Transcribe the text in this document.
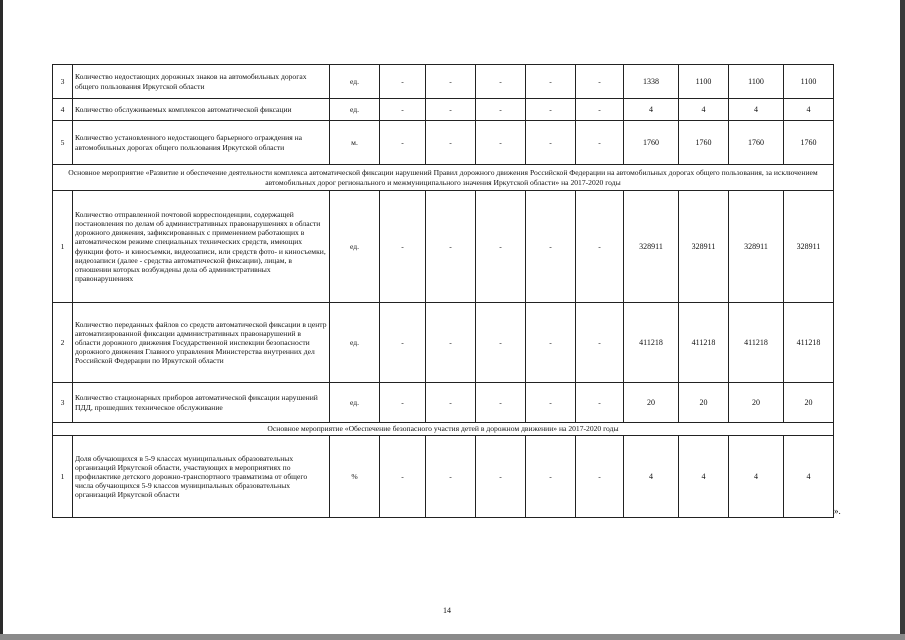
3	Количество недостающих дорожных знаков на автомобильных дорогах общего пользования Иркутской области	ед.	-	-	-	-	-	1338	1100	1100	1100
4	Количество обслуживаемых комплексов автоматической фиксации	ед.	-	-	-	-	-	4	4	4	4
5	Количество установленного недостающего барьерного ограждения на автомобильных дорогах общего пользования Иркутской области	м.	-	-	-	-	-	1760	1760	1760	1760
Основное мероприятие «Развитие и обеспечение деятельности комплекса автоматической фиксации нарушений Правил дорожного движения Российской Федерации на автомобильных дорогах общего пользования, за исключением автомобильных дорог регионального и межмуниципального значения Иркутской области» на 2017-2020 годы											
1	Количество отправленной почтовой корреспонденции, содержащей постановления по делам об административных правонарушениях в области дорожного движения, зафиксированных с применением работающих в автоматическом режиме специальных технических средств, имеющих функции фото- и киносъемки, видеозаписи, или средств фото- и киносъемки, видеозаписи (далее - средства автоматической фиксации), лицам, в отношении которых возбуждены дела об административных правонарушениях	ед.	-	-	-	-	-	328911	328911	328911	328911
2	Количество переданных файлов со средств автоматической фиксации в центр автоматизированной фиксации административных правонарушений в области дорожного движения Государственной инспекции безопасности дорожного движения Главного управления Министерства внутренних дел Российской Федерации по Иркутской области	ед.	-	-	-	-	-	411218	411218	411218	411218
3	Количество стационарных приборов автоматической фиксации нарушений ПДД, прошедших техническое обслуживание	ед.	-	-	-	-	-	20	20	20	20
Основное мероприятие «Обеспечение безопасного участия детей в дорожном движении» на 2017-2020 годы											
1	Доля обучающихся в 5-9 классах муниципальных образовательных организаций Иркутской области, участвующих в мероприятиях по профилактике детского дорожно-транспортного травматизма от общего числа обучающихся 5-9 классов муниципальных образовательных организаций Иркутской области	%	-	-	-	-	-	4	4	4	4
».
14
